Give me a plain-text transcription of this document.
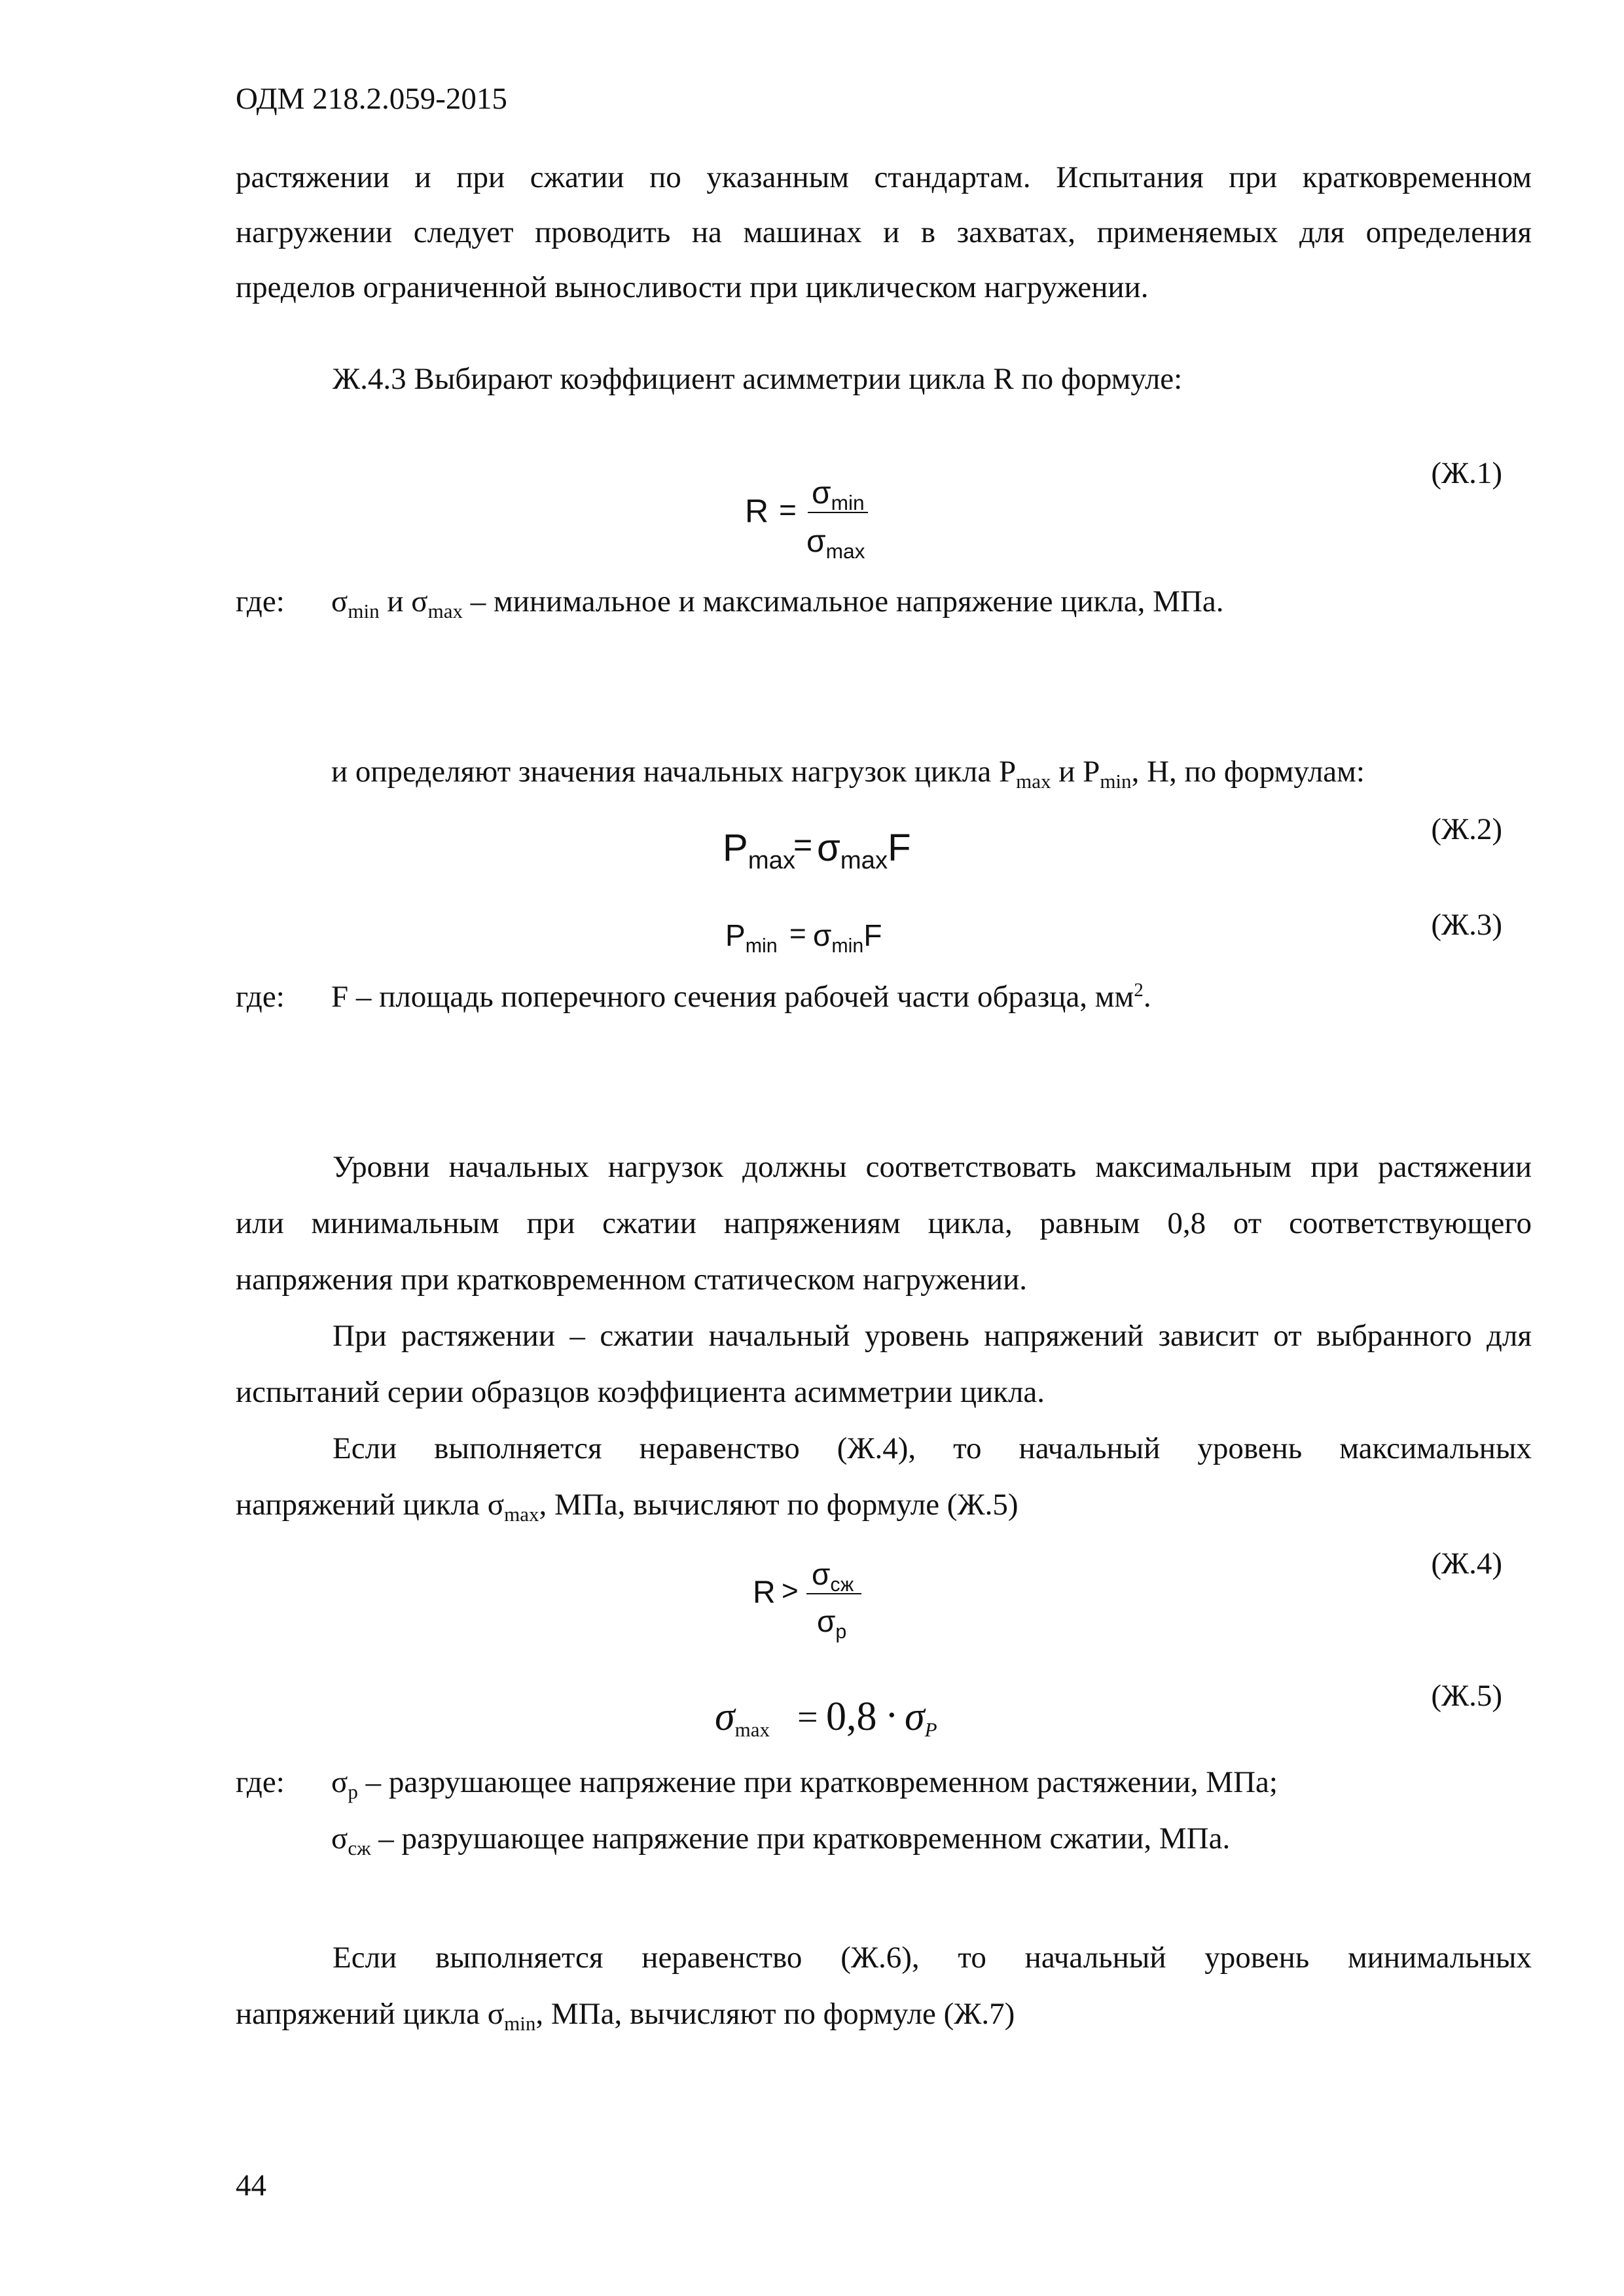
ОДМ 218.2.059-2015
растяжении и при сжатии по указанным стандартам. Испытания при кратковременном
нагружении следует проводить на машинах и в захватах, применяемых для определения
пределов ограниченной выносливости при циклическом нагружении.
Ж.4.3 Выбирают коэффициент асимметрии цикла R по формуле:
$R = \sigma_{min}$
$\sigma_{max}$
(Ж.1)
где: $\sigma_{min}$ и $\sigma_{max}$ – минимальное и максимальное напряжение цикла, МПа.
и определяют значения начальных нагрузок цикла $P_{max}$ и $P_{min}$, Н, по формулам:
$P_{max}$
= $\sigma_{max}F$	(Ж.2)
$P_{min} = \sigma_{min}F$	(Ж.3)
где: F – площадь поперечного сечения рабочей части образца, $мм^2$.
Уровни начальных нагрузок должны соответствовать максимальным при растяжении
или минимальным при сжатии напряжениям цикла, равным 0,8 от соответствующего
напряжения при кратковременном статическом нагружении.
При растяжении – сжатии начальный уровень напряжений зависит от выбранного для
испытаний серии образцов коэффициента асимметрии цикла.
Если выполняется неравенство (Ж.4), то начальный уровень максимальных
напряжений цикла $\sigma_{max}$, МПа, вычисляют по формуле (Ж.5)
$R > \sigma_{сж}$
$\sigma_р$
(Ж.4)
σmax = 0,8 · σP
(Ж.5)
где: $\sigma_р$ – разрушающее напряжение при кратковременном растяжении, МПа;
$\sigma_{сж}$ – разрушающее напряжение при кратковременном сжатии, МПа.
Если выполняется неравенство (Ж.6), то начальный уровень минимальных
напряжений цикла $\sigma_{min}$, МПа, вычисляют по формуле (Ж.7)
44
